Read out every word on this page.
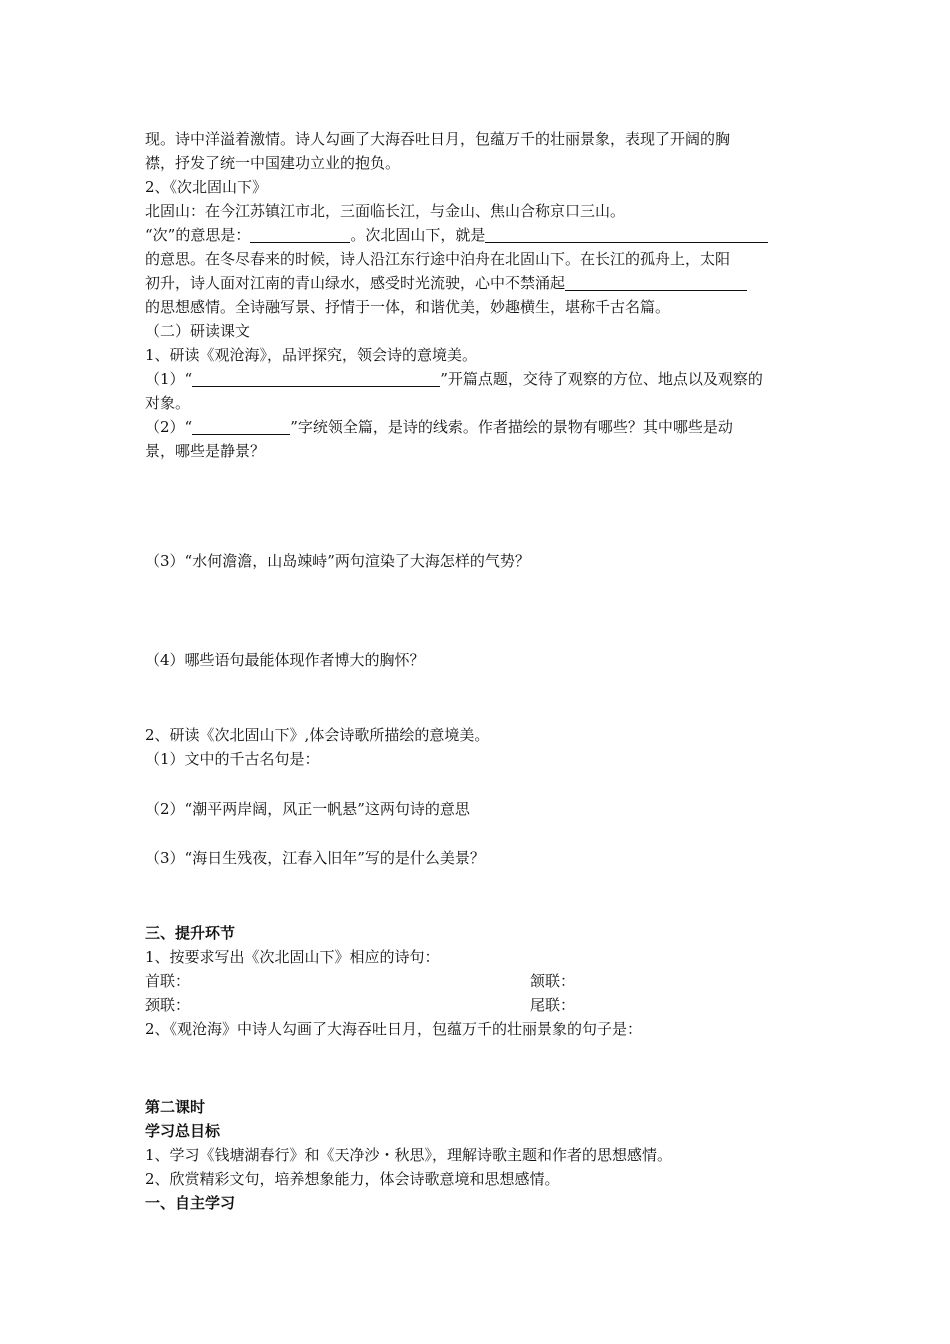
现。诗中洋溢着激情。诗人勾画了大海吞吐日月，包蕴万千的壮丽景象，表现了开阔的胸
襟，抒发了统一中国建功立业的抱负。
2、《次北固山下》
北固山：在今江苏镇江市北，三面临长江，与金山、焦山合称京口三山。
“次”的意思是：	。次北固山下，就是
的意思。在冬尽春来的时候，诗人沿江东行途中泊舟在北固山下。在长江的孤舟上，太阳
初升，诗人面对江南的青山绿水，感受时光流驶，心中不禁涌起
的思想感情。全诗融写景、抒情于一体，和谐优美，妙趣横生，堪称千古名篇。
（二）研读课文
1、研读《观沧海》，品评探究，领会诗的意境美。
（1）“	”开篇点题，交待了观察的方位、地点以及观察的
对象。
（2）“	”字统领全篇，是诗的线索。作者描绘的景物有哪些？其中哪些是动
景，哪些是静景？
（3）“水何澹澹，山岛竦峙”两句渲染了大海怎样的气势？
（4）哪些语句最能体现作者博大的胸怀？
2、研读《次北固山下》,体会诗歌所描绘的意境美。
（1）文中的千古名句是：
（2）“潮平两岸阔，风正一帆悬”这两句诗的意思
（3）“海日生残夜，江春入旧年”写的是什么美景？
三、提升环节
1、按要求写出《次北固山下》相应的诗句：
首联：	颔联：
颈联：	尾联：
2、《观沧海》中诗人勾画了大海吞吐日月，包蕴万千的壮丽景象的句子是：
第二课时
学习总目标
1、学习《钱塘湖春行》和《天净沙・秋思》，理解诗歌主题和作者的思想感情。
2、欣赏精彩文句，培养想象能力，体会诗歌意境和思想感情。
一、自主学习
